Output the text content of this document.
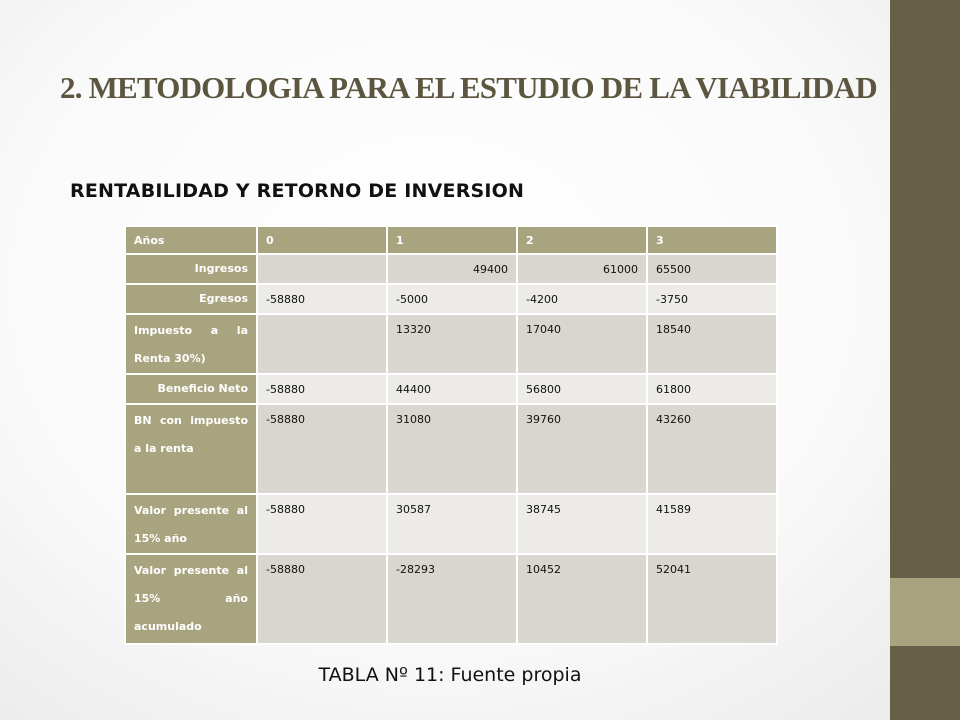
2. METODOLOGIA PARA EL ESTUDIO DE LA VIABILIDAD
RENTABILIDAD Y RETORNO DE INVERSION
Años	0	1	2	3
Ingresos		49400	61000	65500
Egresos	-58880	-5000	-4200	-3750
Impuesto a la Renta 30%)		13320	17040	18540
Beneficio Neto	-58880	44400	56800	61800
BN con impuesto a la renta	-58880	31080	39760	43260
Valor presente al 15% año	-58880	30587	38745	41589
Valor presente al 15% año acumulado	-58880	-28293	10452	52041

TABLA Nº 11: Fuente propia
